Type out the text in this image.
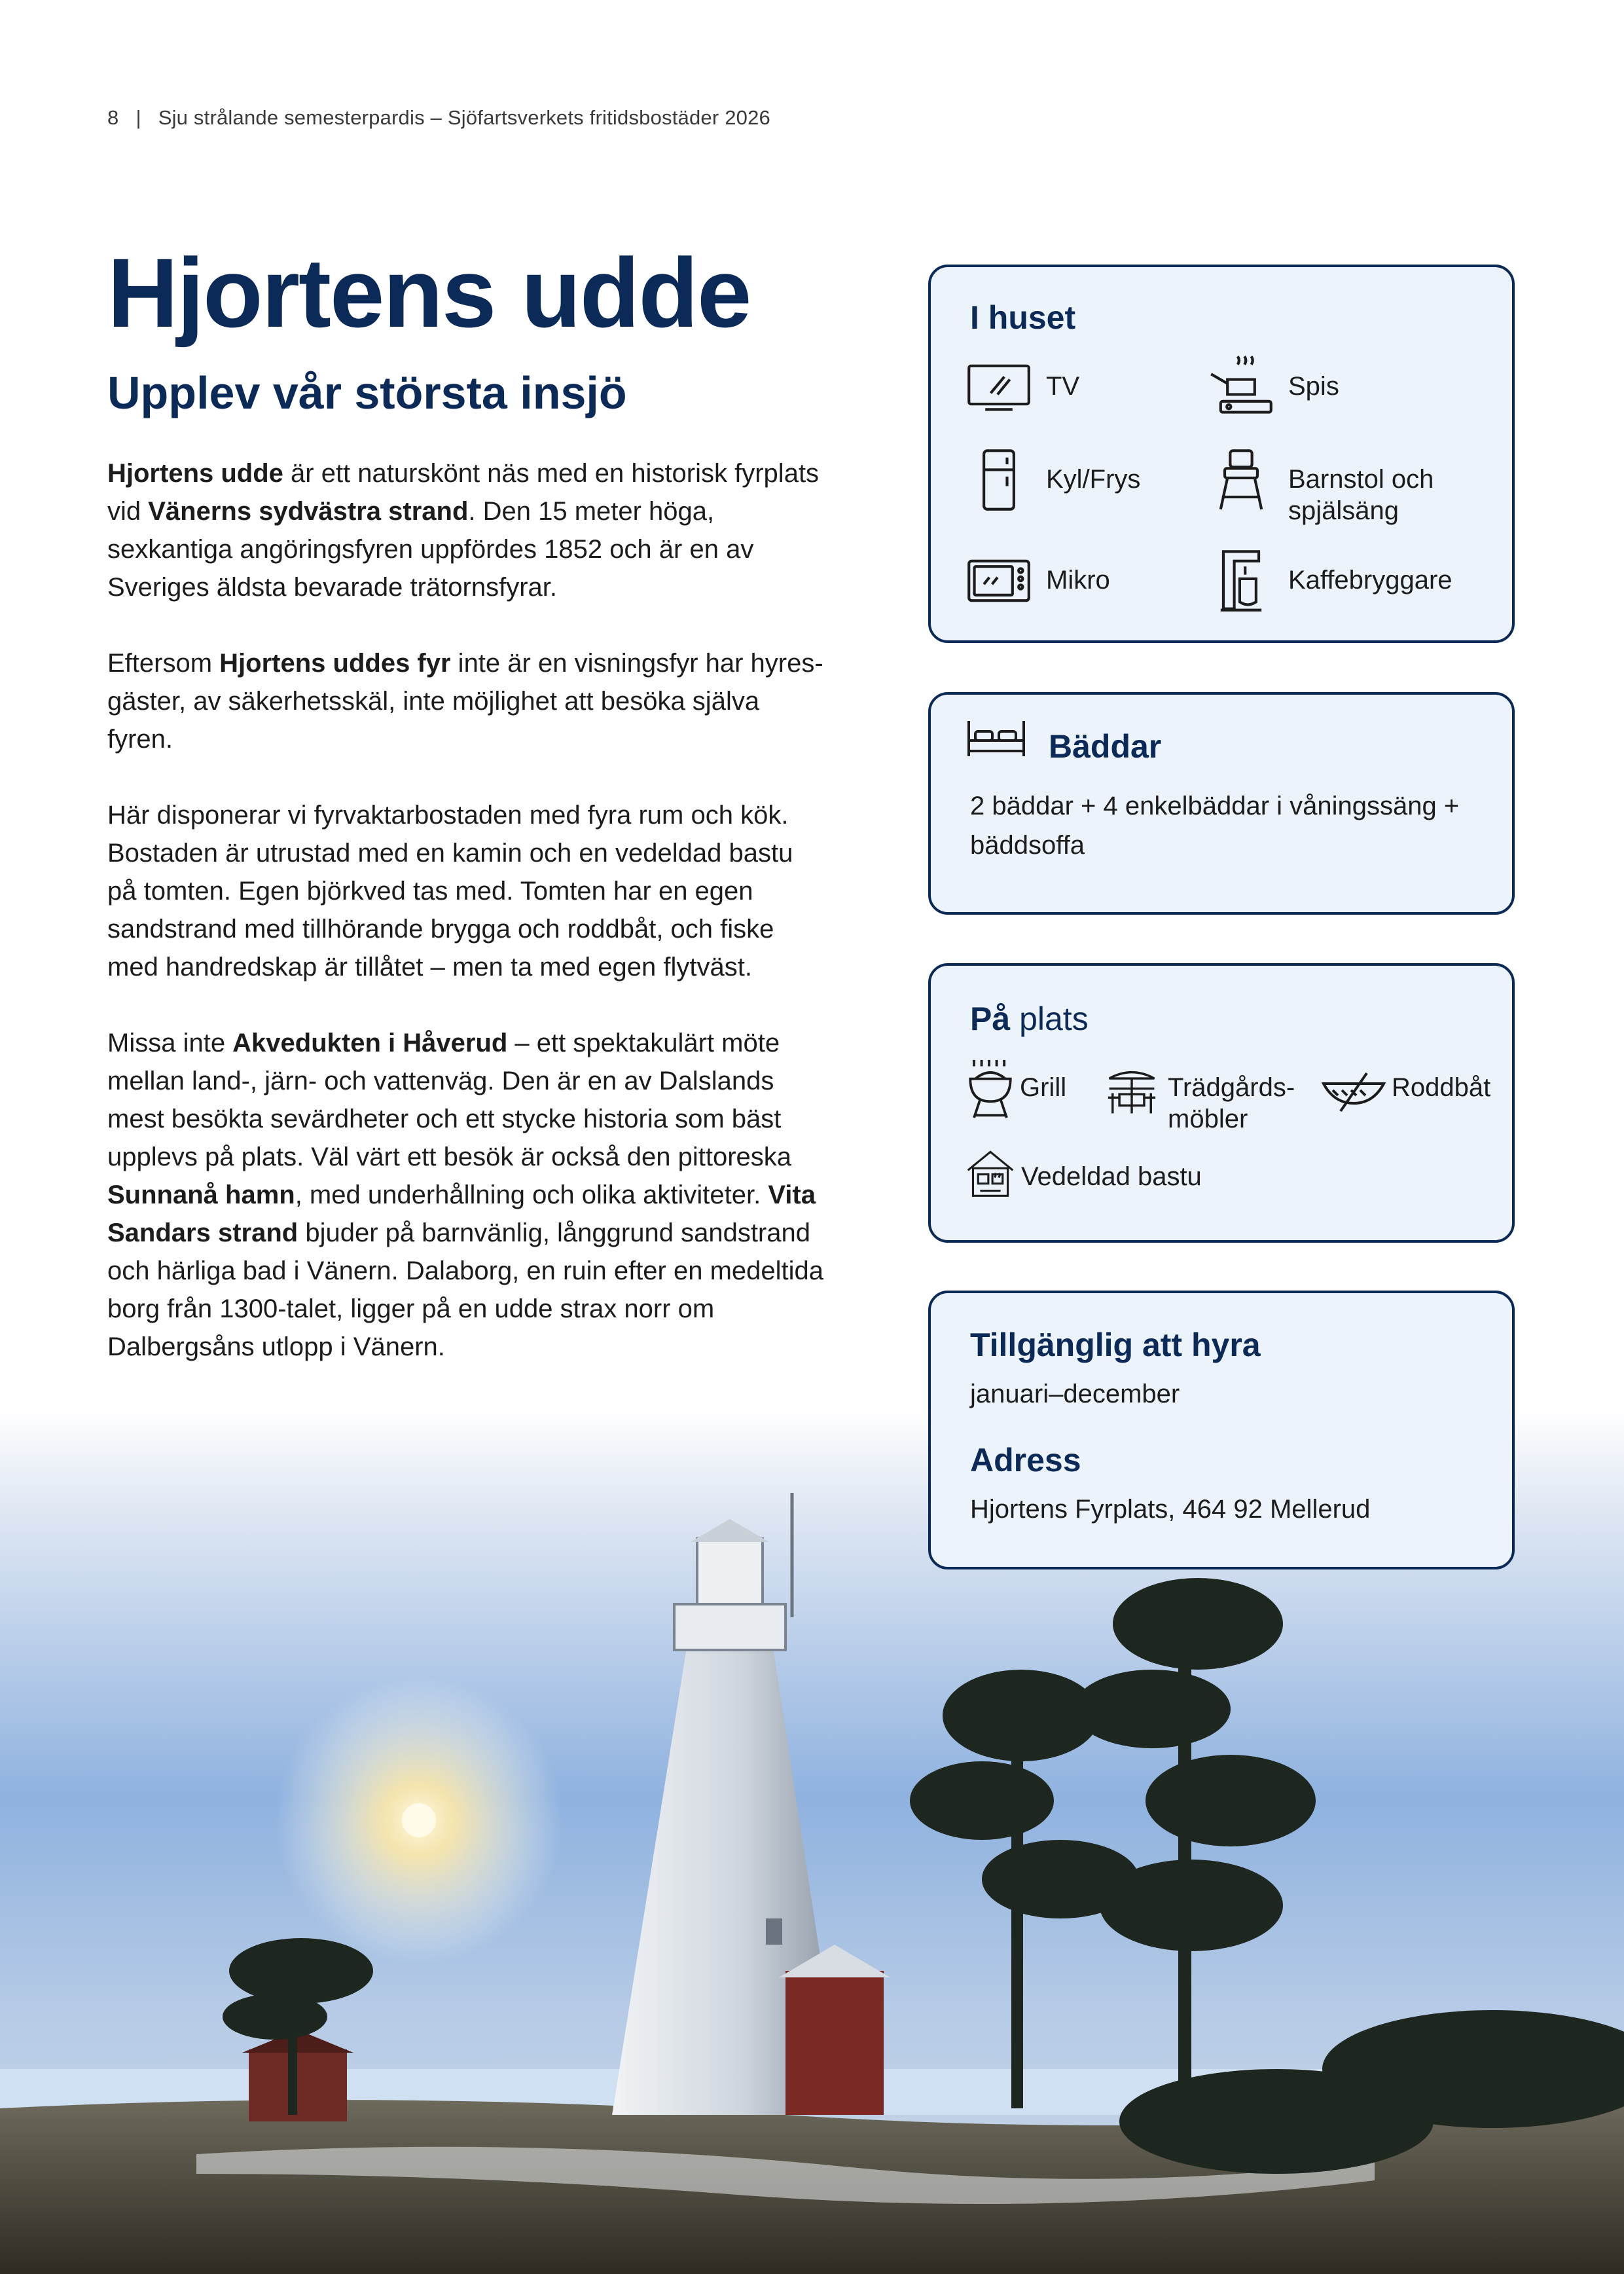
8 | Sju strålande semesterpardis – Sjöfartsverkets fritidsbostäder 2026
Hjortens udde
Upplev vår största insjö

Hjortens udde är ett naturskönt näs med en historisk fyrplats vid Vänerns sydvästra strand. Den 15 meter höga, sexkantiga angöringsfyren uppfördes 1852 och är en av Sveriges äldsta bevarade trätornsfyrar.

Eftersom Hjortens uddes fyr inte är en visningsfyr har hyresgäster, av säkerhetsskäl, inte möjlighet att besöka själva fyren.

Här disponerar vi fyrvaktarbostaden med fyra rum och kök. Bostaden är utrustad med en kamin och en vedeldad bastu på tomten. Egen björkved tas med. Tomten har en egen sandstrand med tillhörande brygga och roddbåt, och fiske med handredskap är tillåtet – men ta med egen flytväst.

Missa inte Akvedukten i Håverud – ett spektakulärt möte mellan land-, järn- och vattenväg. Den är en av Dalslands mest besökta sevärdheter och ett stycke historia som bäst upplevs på plats. Väl värt ett besök är också den pittoreska Sunnanå hamn, med underhållning och olika aktiviteter. Vita Sandars strand bjuder på barnvänlig, långgrund sandstrand och härliga bad i Vänern. Dalaborg, en ruin efter en medeltida borg från 1300-talet, ligger på en udde strax norr om Dalbergsåns utlopp i Vänern.

I huset
TV	Spis
Kyl/Frys	Barnstol och spjälsäng
Mikro	Kaffebryggare
Bäddar
2 bäddar + 4 enkelbäddar i våningssäng + bäddsoffa
På plats
Grill	Trädgårdsmöbler
Roddbåt
Vedeldad bastu
Tillgänglig att hyra
januari–december
Adress
Hjortens Fyrplats, 464 92 Mellerud
